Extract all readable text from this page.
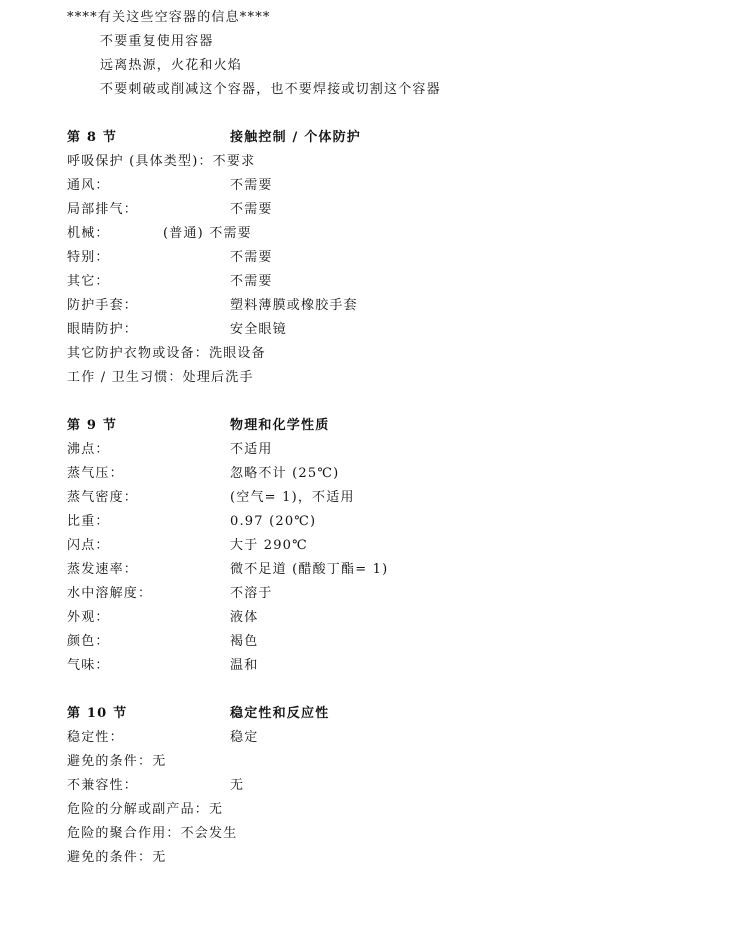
****有关这些空容器的信息****
不要重复使用容器
远离热源，火花和火焰
不要刺破或削减这个容器，也不要焊接或切割这个容器
第 8 节	接触控制 / 个体防护
呼吸保护 (具体类型)：不要求
通风：	不需要
局部排气：	不需要
机械：	(普通) 不需要
特别：	不需要
其它：	不需要
防护手套：	塑料薄膜或橡胶手套
眼睛防护：	安全眼镜
其它防护衣物或设备：洗眼设备
工作 / 卫生习惯：处理后洗手
第 9 节	物理和化学性质
沸点：	不适用
蒸气压：	忽略不计 (25℃)
蒸气密度：	(空气= 1)，不适用
比重：	0.97 (20℃)
闪点：	大于 290℃
蒸发速率：	微不足道 (醋酸丁酯= 1)
水中溶解度：	不溶于
外观：	液体
颜色：	褐色
气味：	温和
第 10 节	稳定性和反应性
稳定性：	稳定
避免的条件：无
不兼容性：	无
危险的分解或副产品：无
危险的聚合作用：不会发生
避免的条件：无
